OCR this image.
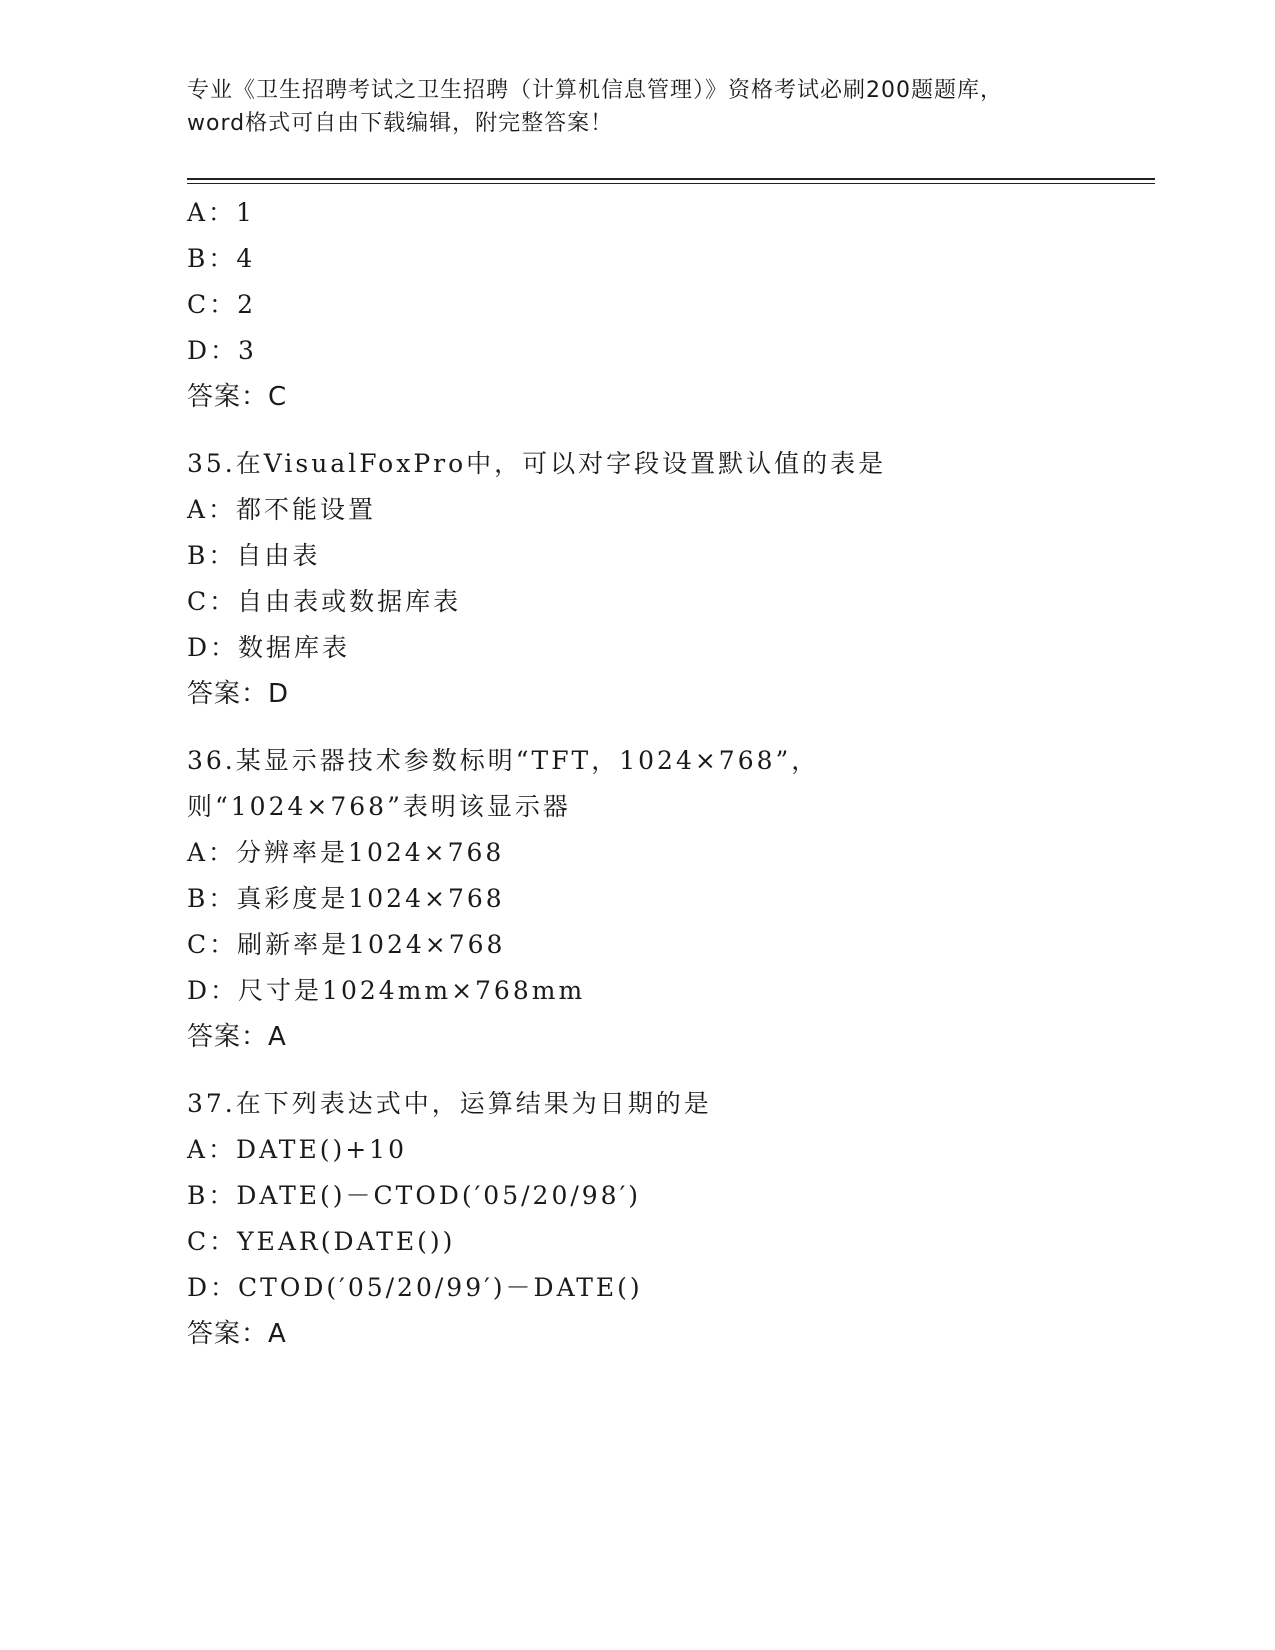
专业《卫生招聘考试之卫生招聘（计算机信息管理）》资格考试必刷200题题库，
word格式可自由下载编辑，附完整答案！
A：1
B：4
C：2
D：3
答案：C
35.在VisualFoxPro中，可以对字段设置默认值的表是
A：都不能设置
B：自由表
C：自由表或数据库表
D：数据库表
答案：D
36.某显示器技术参数标明“TFT，1024×768”，则“1024×768”表明该显示器
A：分辨率是1024×768
B：真彩度是1024×768
C：刷新率是1024×768
D：尺寸是1024mm×768mm
答案：A
37.在下列表达式中，运算结果为日期的是
A：DATE()+10
B：DATE()－CTOD(′05/20/98′)
C：YEAR(DATE())
D：CTOD(′05/20/99′)－DATE()
答案：A
